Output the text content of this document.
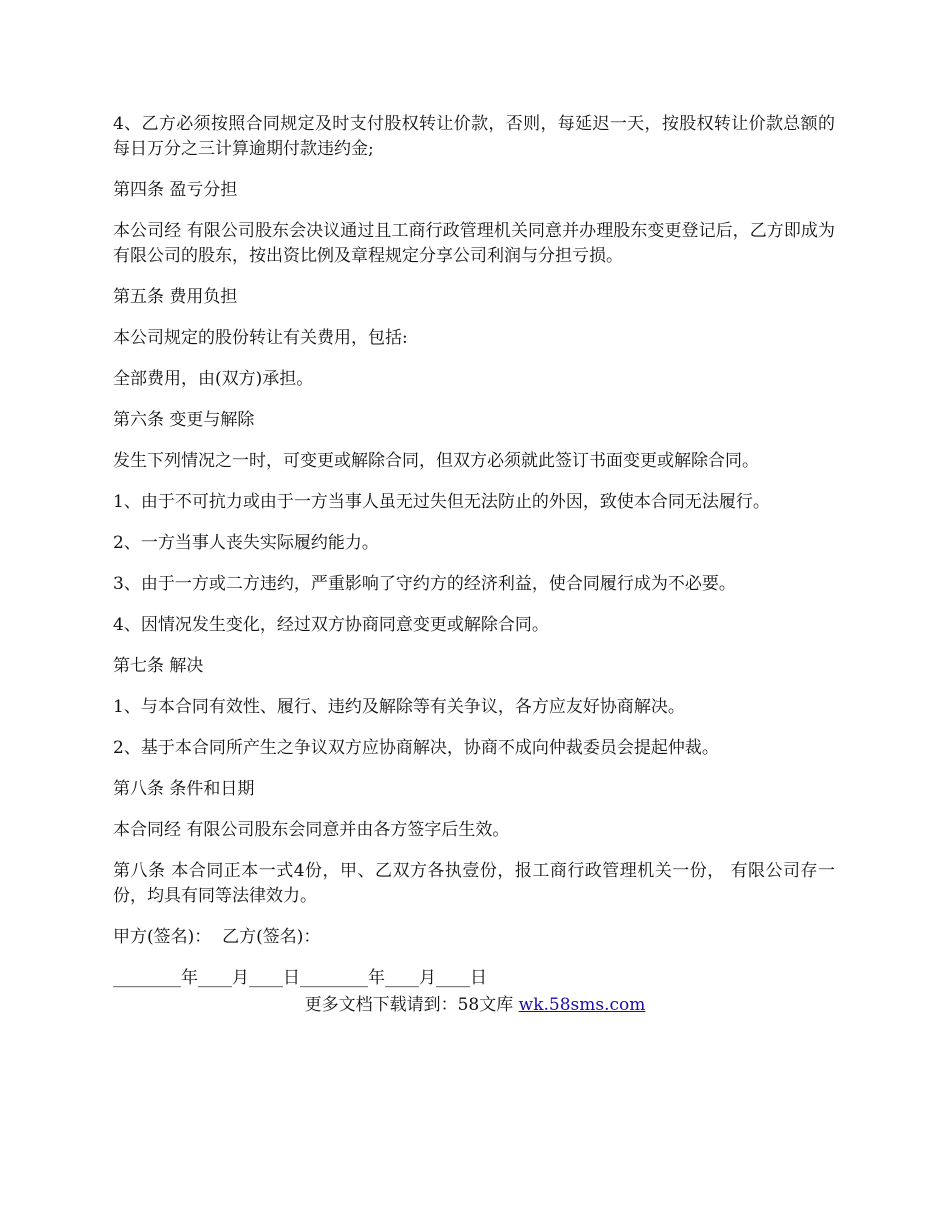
4、乙方必须按照合同规定及时支付股权转让价款，否则，每延迟一天，按股权转让价款总额的每日万分之三计算逾期付款违约金;

第四条 盈亏分担

本公司经 有限公司股东会决议通过且工商行政管理机关同意并办理股东变更登记后，乙方即成为有限公司的股东，按出资比例及章程规定分享公司利润与分担亏损。

第五条 费用负担

本公司规定的股份转让有关费用，包括:

全部费用，由(双方)承担。

第六条 变更与解除

发生下列情况之一时，可变更或解除合同，但双方必须就此签订书面变更或解除合同。

1、由于不可抗力或由于一方当事人虽无过失但无法防止的外因，致使本合同无法履行。

2、一方当事人丧失实际履约能力。

3、由于一方或二方违约，严重影响了守约方的经济利益，使合同履行成为不必要。

4、因情况发生变化，经过双方协商同意变更或解除合同。

第七条 解决

1、与本合同有效性、履行、违约及解除等有关争议，各方应友好协商解决。

2、基于本合同所产生之争议双方应协商解决，协商不成向仲裁委员会提起仲裁。

第八条 条件和日期

本合同经 有限公司股东会同意并由各方签字后生效。

第八条 本合同正本一式4份，甲、乙双方各执壹份，报工商行政管理机关一份， 有限公司存一份，均具有同等法律效力。

甲方(签名)：  乙方(签名)：

________年____月____日________年____月____日

更多文档下载请到：58文库 wk.58sms.com
